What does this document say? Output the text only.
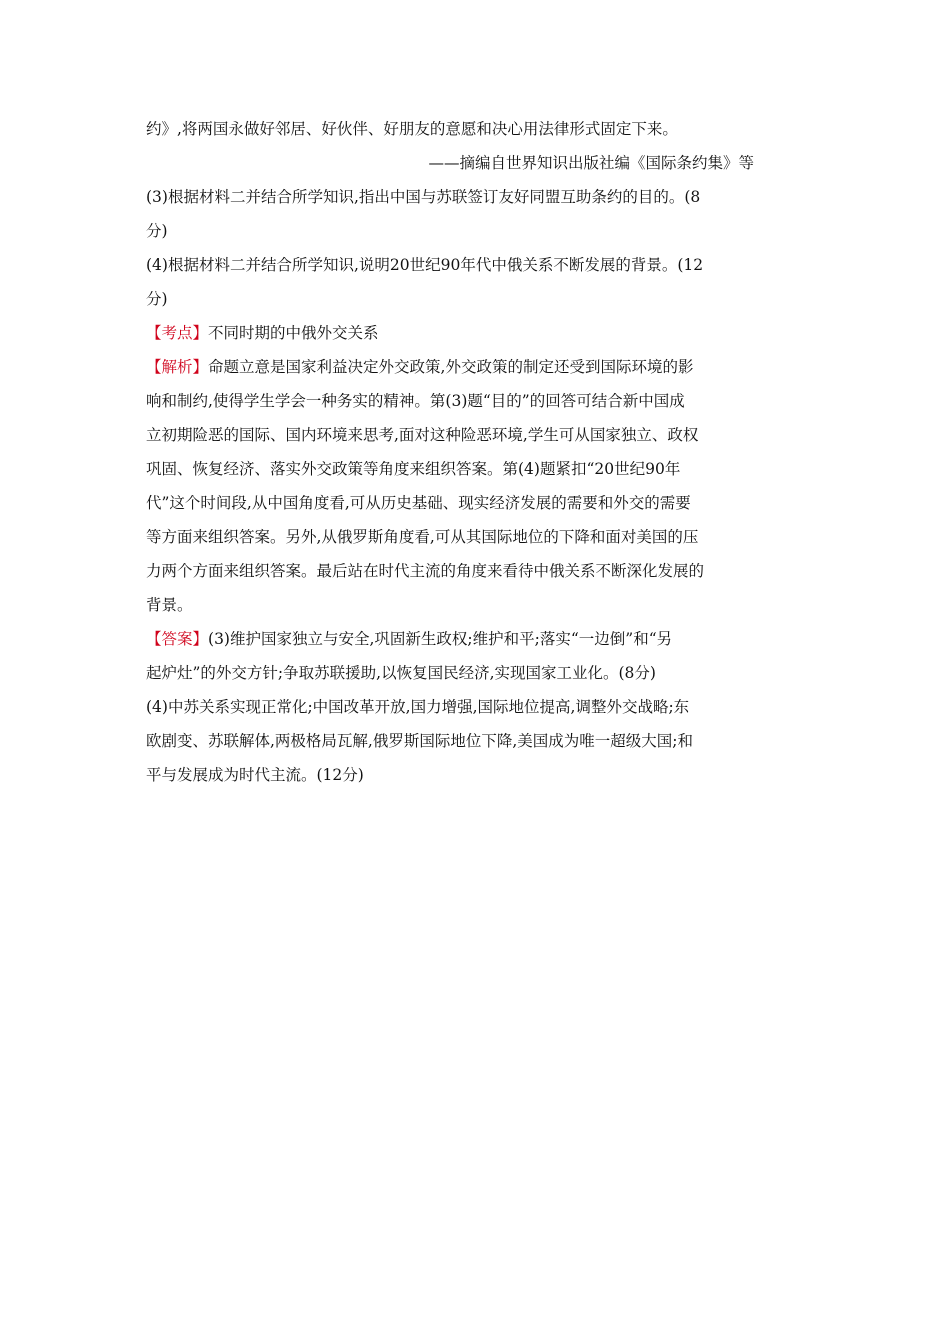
约》,将两国永做好邻居、好伙伴、好朋友的意愿和决心用法律形式固定下来。
——摘编自世界知识出版社编《国际条约集》等
(3)根据材料二并结合所学知识,指出中国与苏联签订友好同盟互助条约的目的。(8
分)
(4)根据材料二并结合所学知识,说明20世纪90年代中俄关系不断发展的背景。(12
分)
【考点】不同时期的中俄外交关系
【解析】命题立意是国家利益决定外交政策,外交政策的制定还受到国际环境的影
响和制约,使得学生学会一种务实的精神。第(3)题“目的”的回答可结合新中国成
立初期险恶的国际、国内环境来思考,面对这种险恶环境,学生可从国家独立、政权
巩固、恢复经济、落实外交政策等角度来组织答案。第(4)题紧扣“20世纪90年
代”这个时间段,从中国角度看,可从历史基础、现实经济发展的需要和外交的需要
等方面来组织答案。另外,从俄罗斯角度看,可从其国际地位的下降和面对美国的压
力两个方面来组织答案。最后站在时代主流的角度来看待中俄关系不断深化发展的
背景。
【答案】(3)维护国家独立与安全,巩固新生政权;维护和平;落实“一边倒”和“另
起炉灶”的外交方针;争取苏联援助,以恢复国民经济,实现国家工业化。(8分)
(4)中苏关系实现正常化;中国改革开放,国力增强,国际地位提高,调整外交战略;东
欧剧变、苏联解体,两极格局瓦解,俄罗斯国际地位下降,美国成为唯一超级大国;和
平与发展成为时代主流。(12分)
